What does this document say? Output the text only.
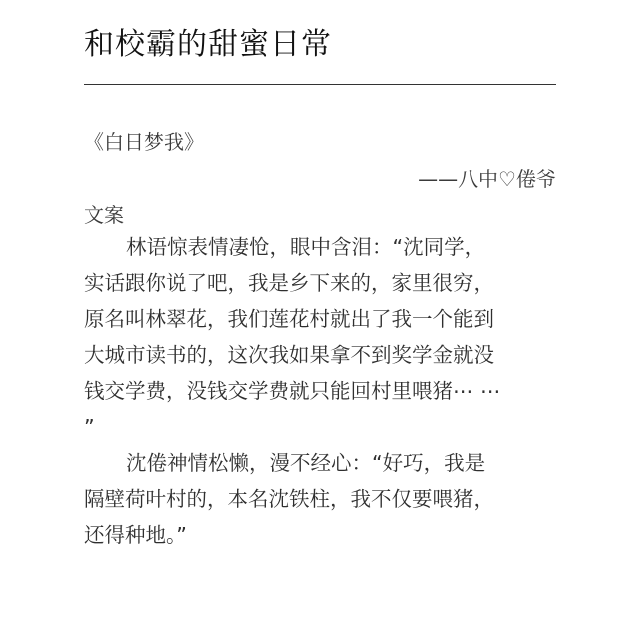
和校霸的甜蜜日常
《白日梦我》
——八中♡倦爷
文案
林语惊表情凄怆，眼中含泪：“沈同学，
实话跟你说了吧，我是乡下来的，家里很穷，
原名叫林翠花，我们莲花村就出了我一个能到
大城市读书的，这次我如果拿不到奖学金就没
钱交学费，没钱交学费就只能回村里喂猪⋯ ⋯
”
沈倦神情松懒，漫不经心：“好巧，我是
隔壁荷叶村的，本名沈铁柱，我不仅要喂猪，
还得种地。”
